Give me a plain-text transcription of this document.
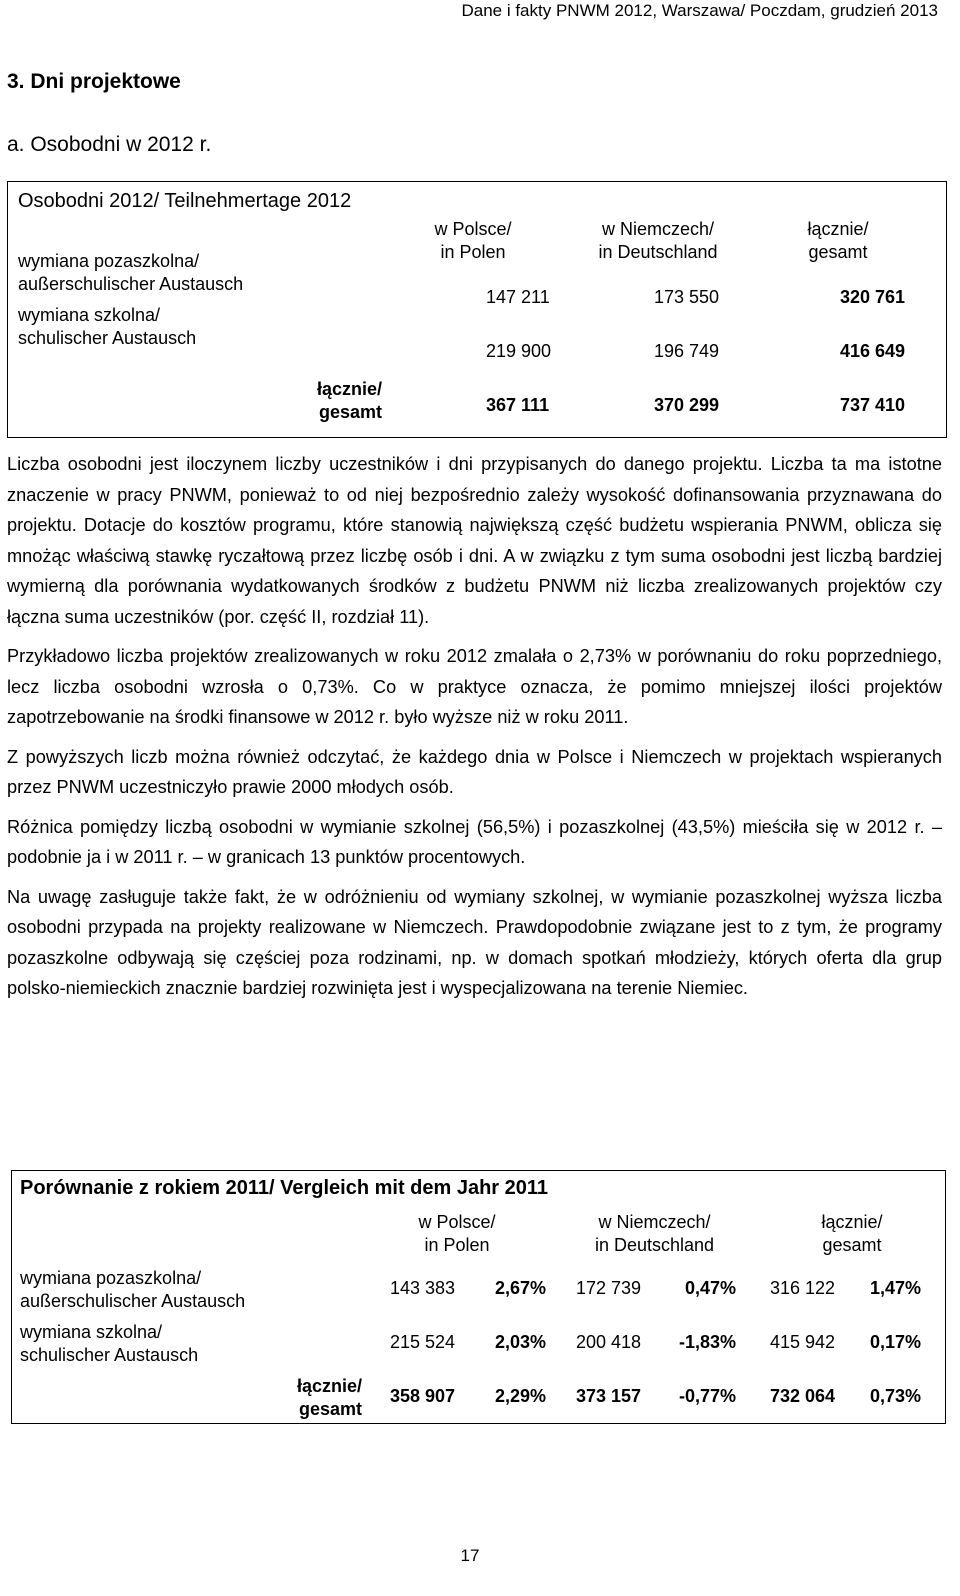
Dane i fakty PNWM 2012, Warszawa/ Poczdam, grudzień 2013
3. Dni projektowe
a. Osobodni w 2012 r.
Osobodni 2012/ Teilnehmertage 2012
w Polsce/
in Polen
w Niemczech/
in Deutschland
łącznie/
gesamt
wymiana pozaszkolna/
außerschulischer Austausch
147 211	173 550	320 761
wymiana szkolna/
schulischer Austausch
219 900	196 749	416 649
łącznie/
gesamt	367 111	370 299	737 410

Liczba osobodni jest iloczynem liczby uczestników i dni przypisanych do danego projektu. Liczba ta ma istotne znaczenie w pracy PNWM, ponieważ to od niej bezpośrednio zależy wysokość dofinansowania przyznawana do projektu. Dotacje do kosztów programu, które stanowią największą część budżetu wspierania PNWM, oblicza się mnożąc właściwą stawkę ryczałtową przez liczbę osób i dni. A w związku z tym suma osobodni jest liczbą bardziej wymierną dla porównania wydatkowanych środków z budżetu PNWM niż liczba zrealizowanych projektów czy łączna suma uczestników (por. część II, rozdział 11).

Przykładowo liczba projektów zrealizowanych w roku 2012 zmalała o 2,73% w porównaniu do roku poprzedniego, lecz liczba osobodni wzrosła o 0,73%. Co w praktyce oznacza, że pomimo mniejszej ilości projektów zapotrzebowanie na środki finansowe w 2012 r. było wyższe niż w roku 2011.

Z powyższych liczb można również odczytać, że każdego dnia w Polsce i Niemczech w projektach wspieranych przez PNWM uczestniczyło prawie 2000 młodych osób.

Różnica pomiędzy liczbą osobodni w wymianie szkolnej (56,5%) i pozaszkolnej (43,5%) mieściła się w 2012 r. – podobnie ja i w 2011 r. – w granicach 13 punktów procentowych.

Na uwagę zasługuje także fakt, że w odróżnieniu od wymiany szkolnej, w wymianie pozaszkolnej wyższa liczba osobodni przypada na projekty realizowane w Niemczech. Prawdopodobnie związane jest to z tym, że programy pozaszkolne odbywają się częściej poza rodzinami, np. w domach spotkań młodzieży, których oferta dla grup polsko-niemieckich znacznie bardziej rozwinięta jest i wyspecjalizowana na terenie Niemiec.

Porównanie z rokiem 2011/ Vergleich mit dem Jahr 2011
w Polsce/
in Polen
w Niemczech/
in Deutschland
łącznie/
gesamt
wymiana pozaszkolna/
außerschulischer Austausch
143 383 2,67% 172 739 0,47% 316 122 1,47%
wymiana szkolna/
schulischer Austausch
215 524 2,03% 200 418 -1,83% 415 942 0,17%
łącznie/
gesamt
358 907 2,29% 373 157 -0,77% 732 064 0,73%
17
